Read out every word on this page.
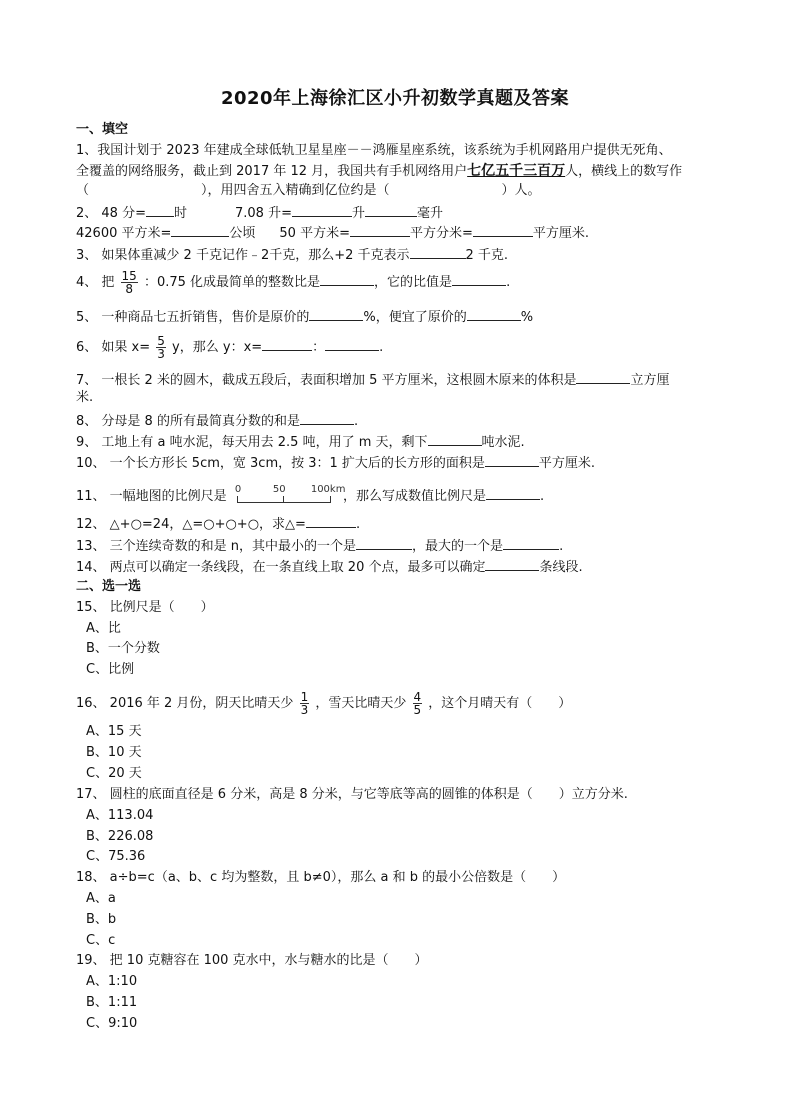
2020年上海徐汇区小升初数学真题及答案
一、填空
1、我国计划于 2023 年建成全球低轨卫星星座－－鸿雁星座系统，该系统为手机网路用户提供无死角、
全覆盖的网络服务，截止到 2017 年 12 月，我国共有手机网络用户七亿五千三百万人，横线上的数写作
（	），用四舍五入精确到亿位约是（	）人。
2、 48 分= 时	7.08 升=	升	毫升
42600 平方米=	公顷 50 平方米=	平方分米=	平方厘米.
3、 如果体重减少 2 千克记作﹣2千克，那么+2 千克表示	2 千克.
4、 把 $\frac{15}{8}$ ：0.75 化成最简单的整数比是	，它的比值是	.
5、 一种商品七五折销售，售价是原价的	%，便宜了原价的	%
6、 如果 $x= \frac{5}{3}$ y，那么 y：x=	：	.
7、 一根长 2 米的圆木，截成五段后，表面积增加 5 平方厘米，这根圆木原来的体积是	立方厘
米.
8、 分母是 8 的所有最简真分数的和是	.
9、 工地上有 a 吨水泥，每天用去 2.5 吨，用了 m 天，剩下	吨水泥.
10、 一个长方形长 5cm，宽 3cm，按 3：1 扩大后的长方形的面积是	平方厘米.
11、 一幅地图的比例尺是 0	50	100km
，那么写成数值比例尺是	.
12、 △+○=24，△=○+○+○，求△=	.
13、 三个连续奇数的和是 n，其中最小的一个是	，最大的一个是	.
14、 两点可以确定一条线段，在一条直线上取 20 个点，最多可以确定	条线段.
二、选一选
15、 比例尺是（　　）
A、比
B、一个分数
C、比例
16、 2016 年 2 月份，阴天比晴天少 $\frac{1}{3}$ ，雪天比晴天少 $\frac{4}{5}$ ，这个月晴天有（　　）
A、15 天
B、10 天
C、20 天
17、 圆柱的底面直径是 6 分米，高是 8 分米，与它等底等高的圆锥的体积是（　　）立方分米.
A、113.04
B、226.08
C、75.36
18、 a÷b=c（a、b、c 均为整数，且 b≠0），那么 a 和 b 的最小公倍数是（　　）
A、a
B、b
C、c
19、 把 10 克糖容在 100 克水中，水与糖水的比是（　　）
A、1:10
B、1:11
C、9:10
